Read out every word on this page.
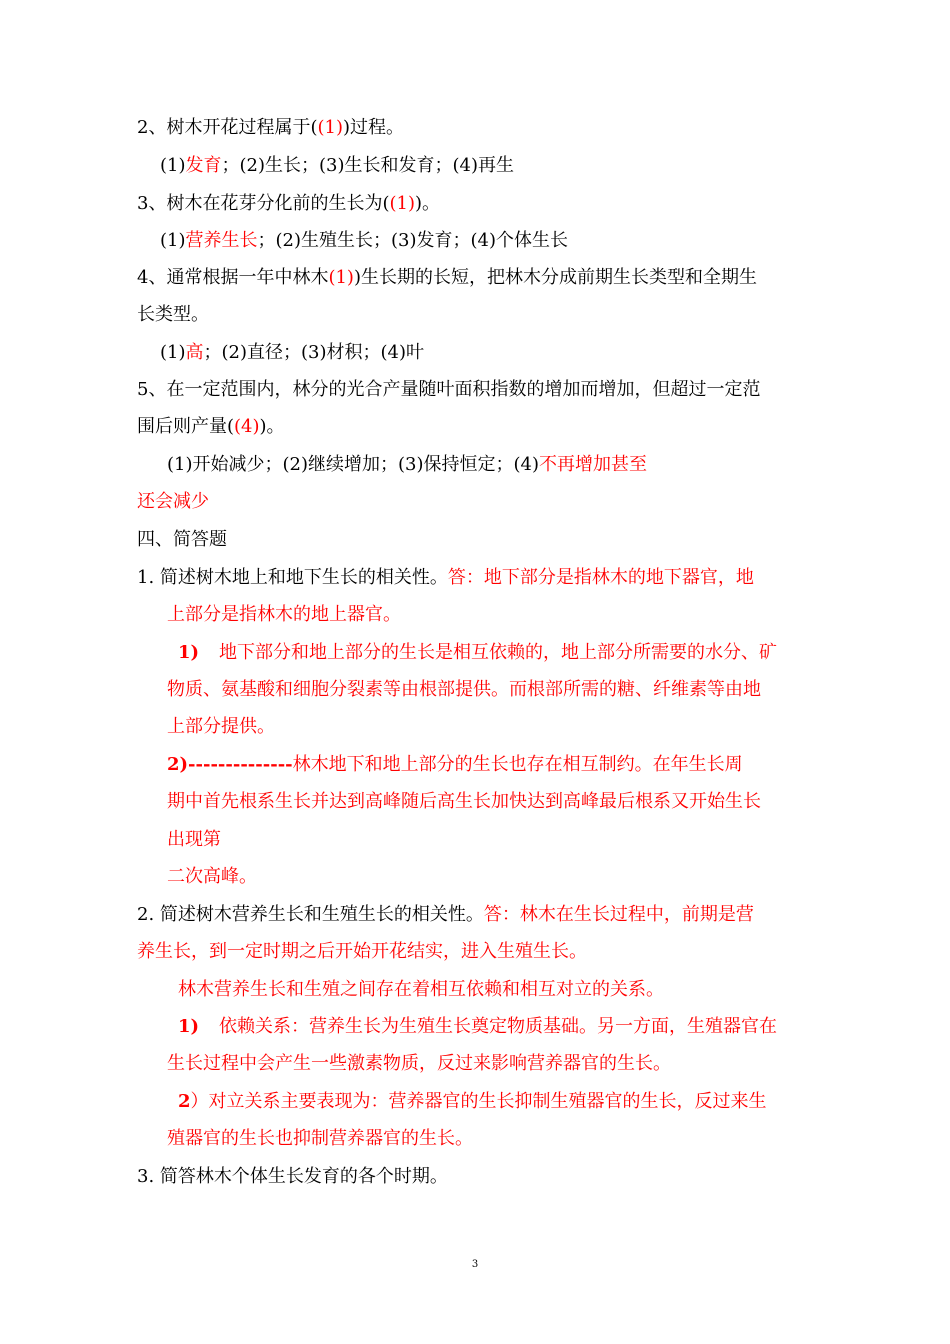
2、树木开花过程属于((1))过程。
(1)发育；(2)生长；(3)生长和发育；(4)再生
3、树木在花芽分化前的生长为((1))。
(1)营养生长；(2)生殖生长；(3)发育；(4)个体生长
4、通常根据一年中林木(1))生长期的长短，把林木分成前期生长类型和全期生
长类型。
(1)高；(2)直径；(3)材积；(4)叶
5、在一定范围内，林分的光合产量随叶面积指数的增加而增加，但超过一定范
围后则产量((4))。
(1)开始减少；(2)继续增加；(3)保持恒定；(4)不再增加甚至
还会减少
四、简答题
1. 简述树木地上和地下生长的相关性。答：地下部分是指林木的地下器官，地
上部分是指林木的地上器官。
1) 地下部分和地上部分的生长是相互依赖的，地上部分所需要的水分、矿
物质、氨基酸和细胞分裂素等由根部提供。而根部所需的糖、纤维素等由地
上部分提供。
2)--------------林木地下和地上部分的生长也存在相互制约。在年生长周
期中首先根系生长并达到高峰随后高生长加快达到高峰最后根系又开始生长
出现第
二次高峰。
2. 简述树木营养生长和生殖生长的相关性。答：林木在生长过程中，前期是营
养生长，到一定时期之后开始开花结实，进入生殖生长。
林木营养生长和生殖之间存在着相互依赖和相互对立的关系。
1) 依赖关系：营养生长为生殖生长奠定物质基础。另一方面，生殖器官在
生长过程中会产生一些激素物质，反过来影响营养器官的生长。
2）对立关系主要表现为：营养器官的生长抑制生殖器官的生长，反过来生
殖器官的生长也抑制营养器官的生长。
3. 简答林木个体生长发育的各个时期。
3
